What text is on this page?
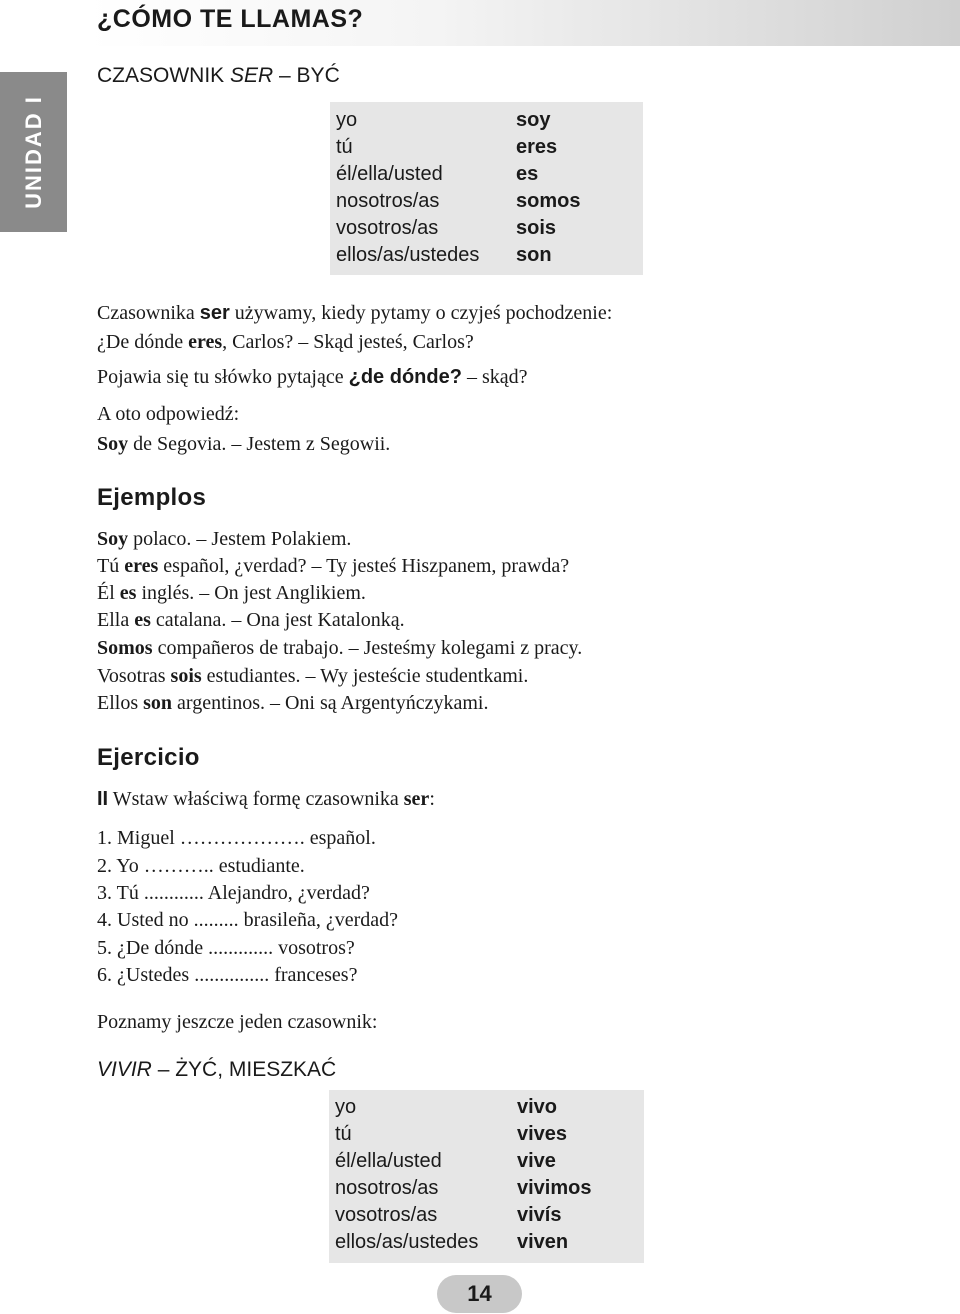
¿CÓMO TE LLAMAS?
UNIDAD I
CZASOWNIK SER – BYĆ
yo	soy
tú	eres
él/ella/usted	es
nosotros/as	somos
vosotros/as	sois
ellos/as/ustedes son
Czasownika ser używamy, kiedy pytamy o czyjeś pochodzenie:
¿De dónde eres, Carlos? – Skąd jesteś, Carlos?
Pojawia się tu słówko pytające ¿de dónde? – skąd?
A oto odpowiedź:
Soy de Segovia. – Jestem z Segowii.
Ejemplos
Soy polaco. – Jestem Polakiem.
Tú eres español, ¿verdad? – Ty jesteś Hiszpanem, prawda?
Él es inglés. – On jest Anglikiem.
Ella es catalana. – Ona jest Katalonką.
Somos compañeros de trabajo. – Jesteśmy kolegami z pracy.
Vosotras sois estudiantes. – Wy jesteście studentkami.
Ellos son argentinos. – Oni są Argentyńczykami.
Ejercicio
II Wstaw właściwą formę czasownika ser:
1. Miguel ………………. español.
2. Yo ……….. estudiante.
3. Tú ............ Alejandro, ¿verdad?
4. Usted no ......... brasileña, ¿verdad?
5. ¿De dónde ............. vosotros?
6. ¿Ustedes ............... franceses?
Poznamy jeszcze jeden czasownik:
VIVIR – ŻYĆ, MIESZKAĆ
yo	vivo
tú	vives
él/ella/usted	vive
nosotros/as	vivimos
vosotros/as	vivís
ellos/as/ustedes viven
14
